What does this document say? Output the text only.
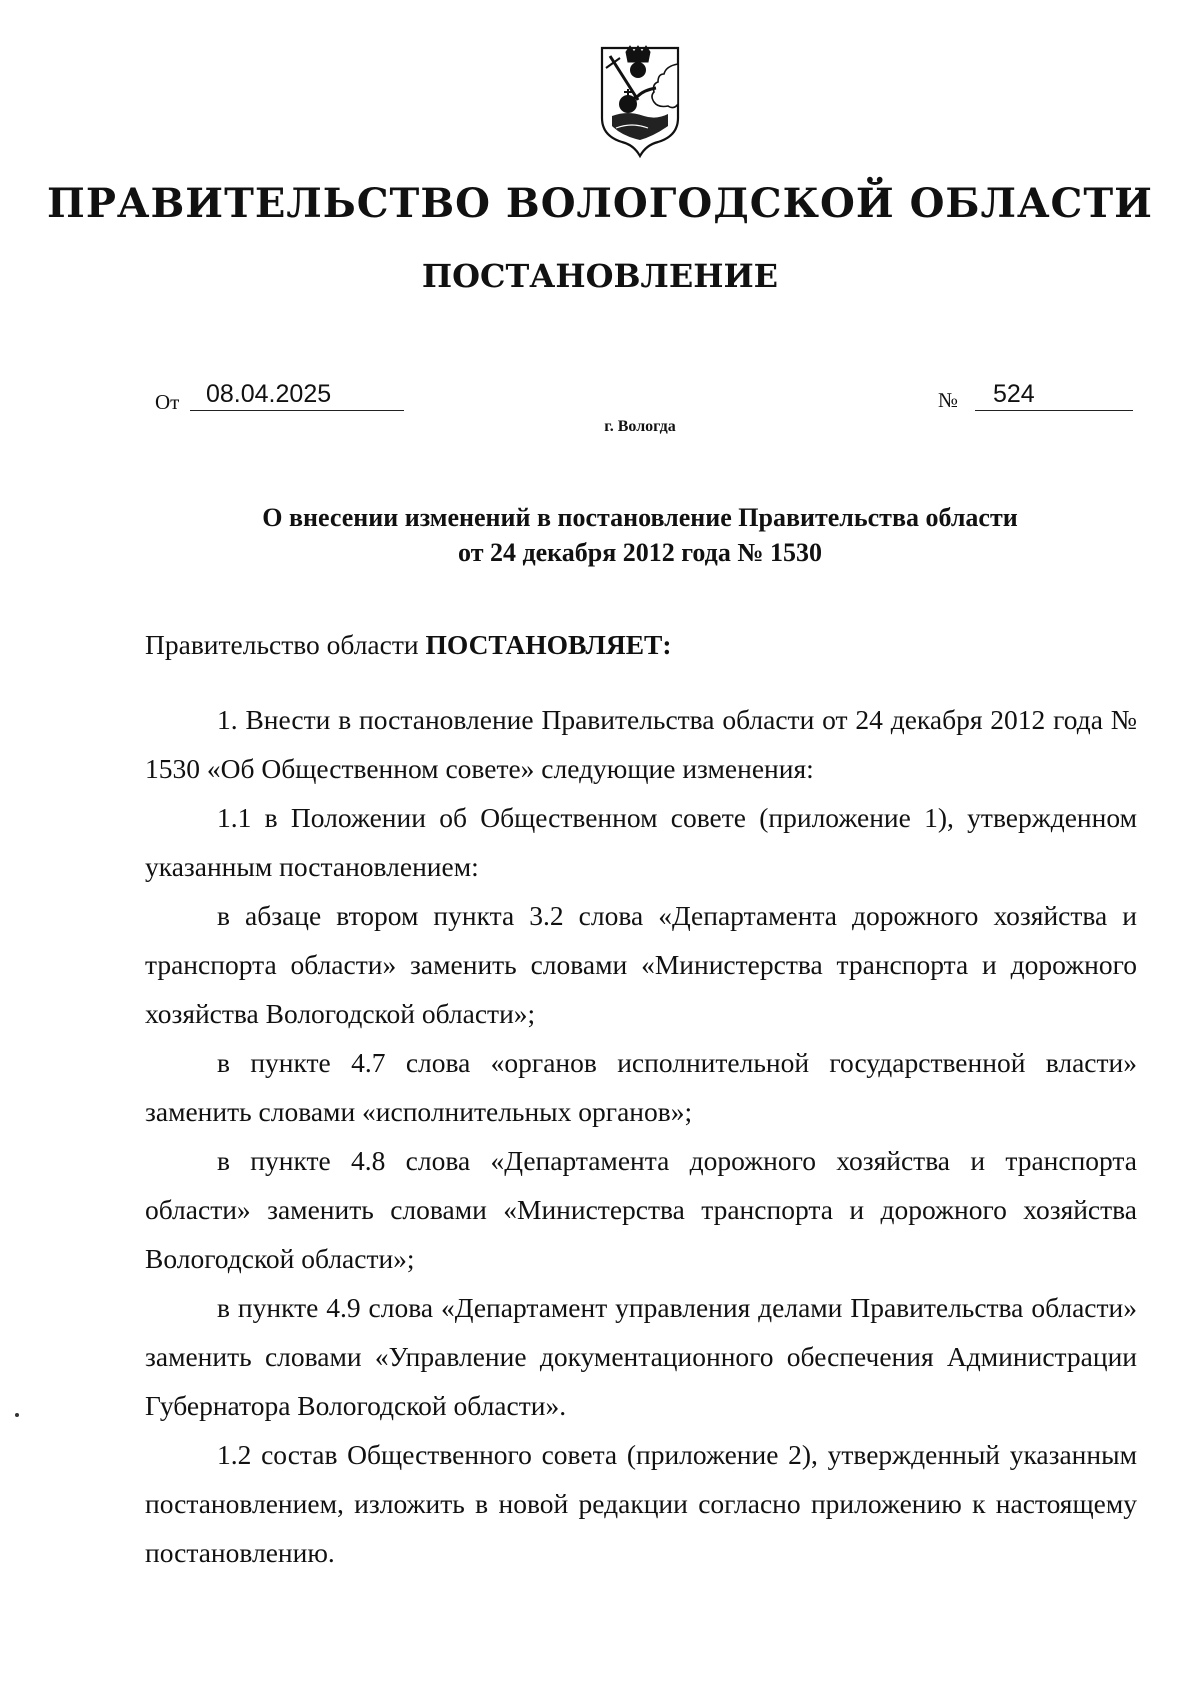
ПРАВИТЕЛЬСТВО ВОЛОГОДСКОЙ ОБЛАСТИ
ПОСТАНОВЛЕНИЕ
От	08.04.2025	№	524
г. Вологда
О внесении изменений в постановление Правительства области
от 24 декабря 2012 года № 1530

Правительство области ПОСТАНОВЛЯЕТ:

1. Внести в постановление Правительства области от 24 декабря 2012 года № 1530 «Об Общественном совете» следующие изменения:

1.1 в Положении об Общественном совете (приложение 1), утвержденном указанным постановлением:

в абзаце втором пункта 3.2 слова «Департамента дорожного хозяйства и транспорта области» заменить словами «Министерства транспорта и дорожного хозяйства Вологодской области»;

в пункте 4.7 слова «органов исполнительной государственной власти» заменить словами «исполнительных органов»;

в пункте 4.8 слова «Департамента дорожного хозяйства и транспорта области» заменить словами «Министерства транспорта и дорожного хозяйства Вологодской области»;

в пункте 4.9 слова «Департамент управления делами Правительства области» заменить словами «Управление документационного обеспечения Администрации Губернатора Вологодской области».

1.2 состав Общественного совета (приложение 2), утвержденный указанным постановлением, изложить в новой редакции согласно приложению к настоящему постановлению.
